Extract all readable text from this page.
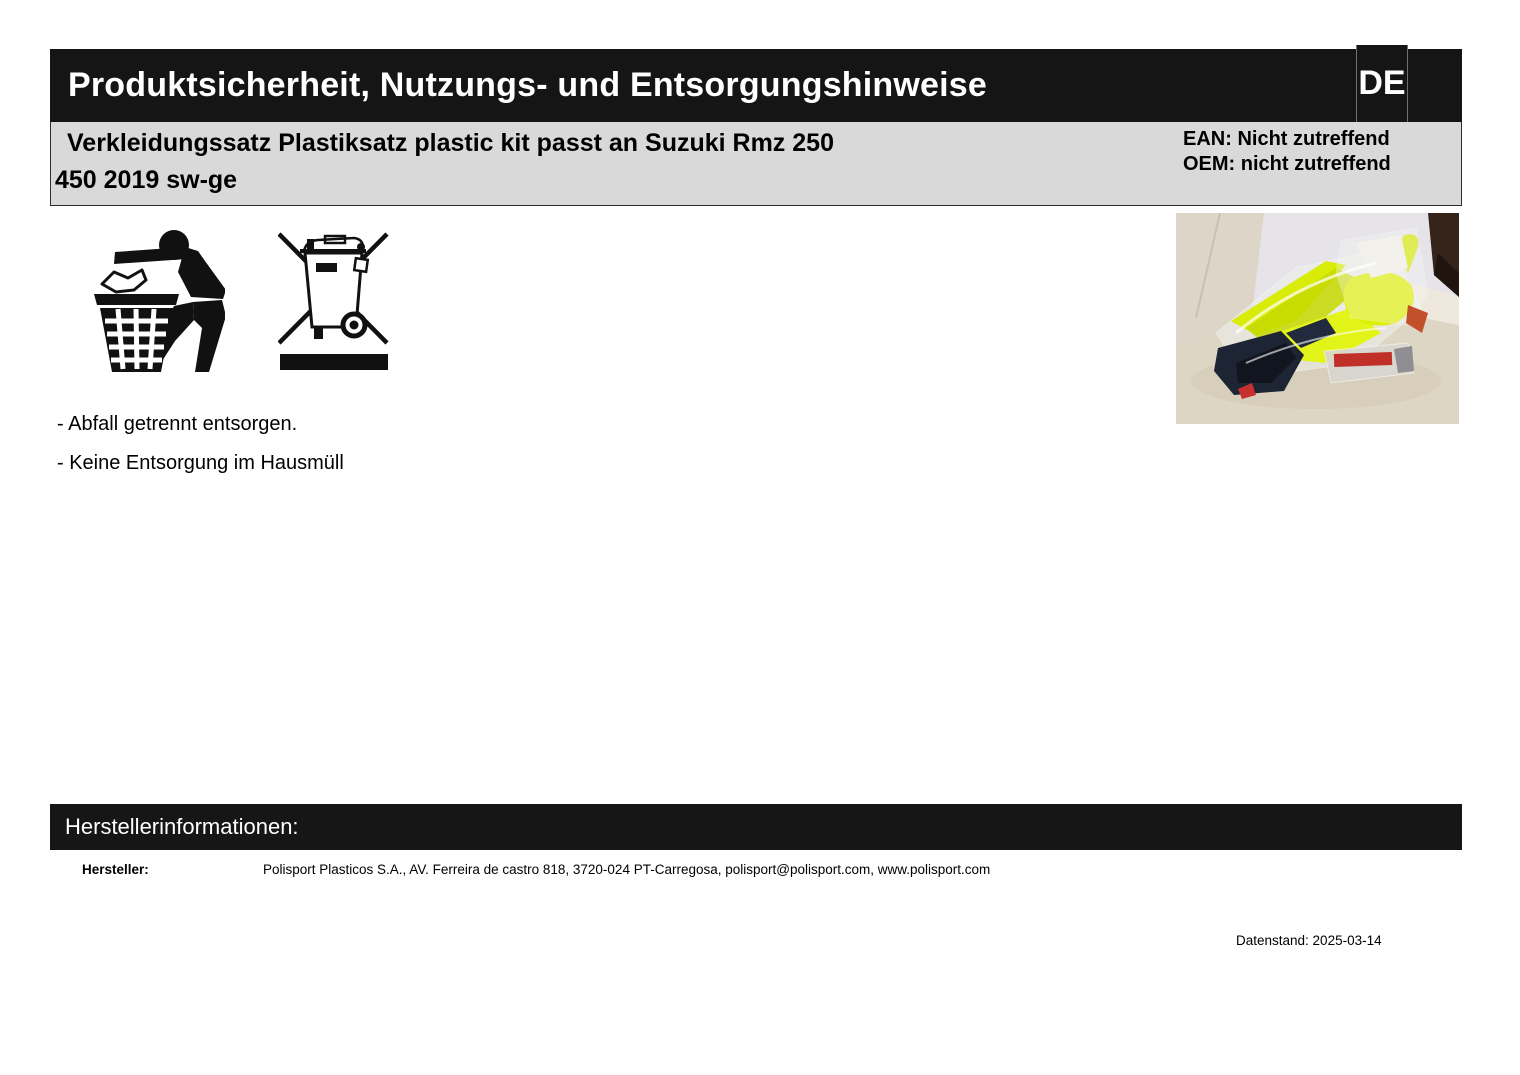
Produktsicherheit, Nutzungs- und Entsorgungshinweise	DE
Verkleidungssatz Plastiksatz plastic kit passt an Suzuki Rmz 250
450 2019 sw-ge
EAN: Nicht zutreffend
OEM: nicht zutreffend
- Abfall getrennt entsorgen.
- Keine Entsorgung im Hausmüll
Herstellerinformationen:
Hersteller:	Polisport Plasticos S.A., AV. Ferreira de castro 818, 3720-024 PT-Carregosa, polisport@polisport.com, www.polisport.com
Datenstand: 2025-03-14
